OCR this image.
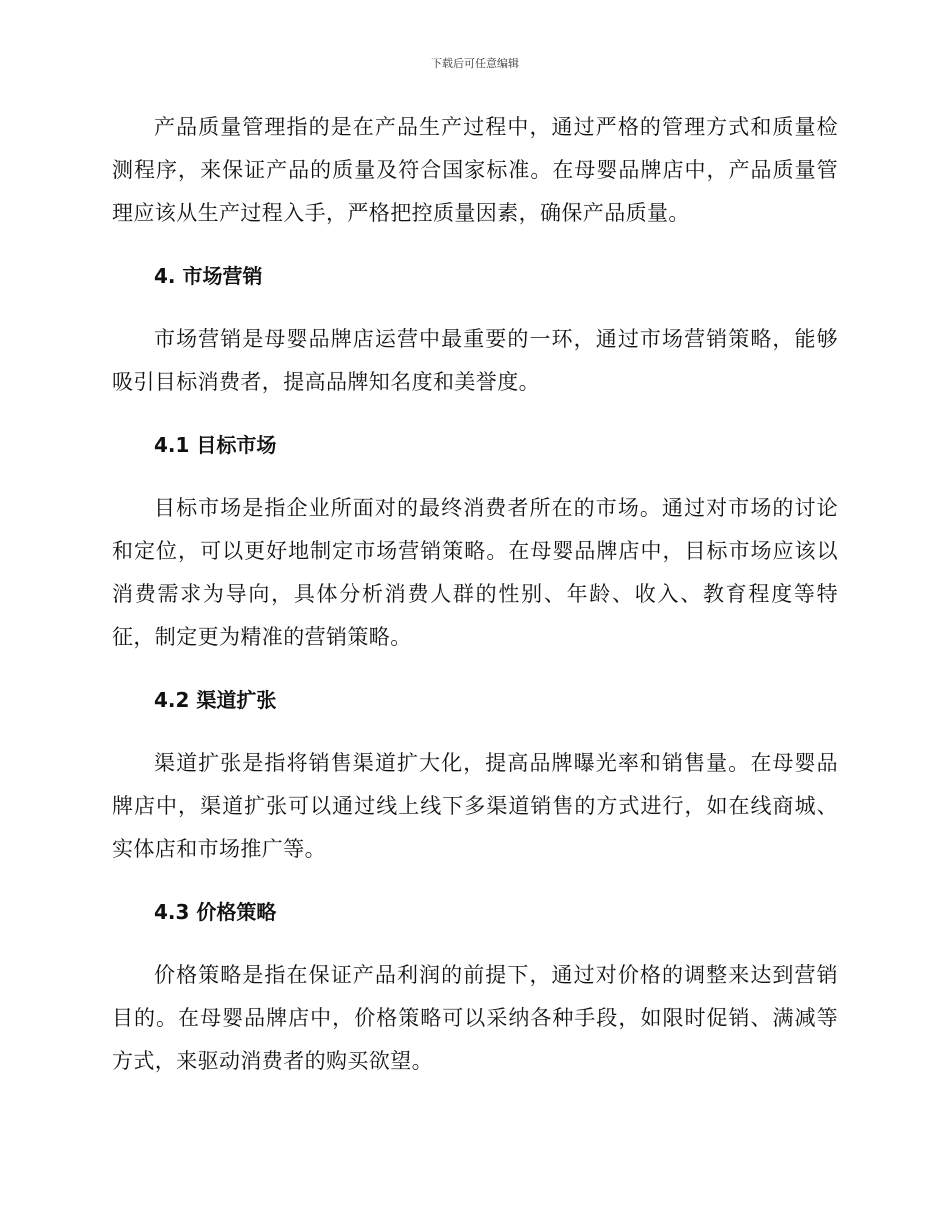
下载后可任意编辑

产品质量管理指的是在产品生产过程中，通过严格的管理方式和质量检测程序，来保证产品的质量及符合国家标准。在母婴品牌店中，产品质量管理应该从生产过程入手，严格把控质量因素，确保产品质量。

4. 市场营销

市场营销是母婴品牌店运营中最重要的一环，通过市场营销策略，能够吸引目标消费者，提高品牌知名度和美誉度。

4.1 目标市场

目标市场是指企业所面对的最终消费者所在的市场。通过对市场的讨论和定位，可以更好地制定市场营销策略。在母婴品牌店中，目标市场应该以消费需求为导向，具体分析消费人群的性别、年龄、收入、教育程度等特征，制定更为精准的营销策略。

4.2 渠道扩张

渠道扩张是指将销售渠道扩大化，提高品牌曝光率和销售量。在母婴品牌店中，渠道扩张可以通过线上线下多渠道销售的方式进行，如在线商城、实体店和市场推广等。

4.3 价格策略

价格策略是指在保证产品利润的前提下，通过对价格的调整来达到营销目的。在母婴品牌店中，价格策略可以采纳各种手段，如限时促销、满减等方式，来驱动消费者的购买欲望。
